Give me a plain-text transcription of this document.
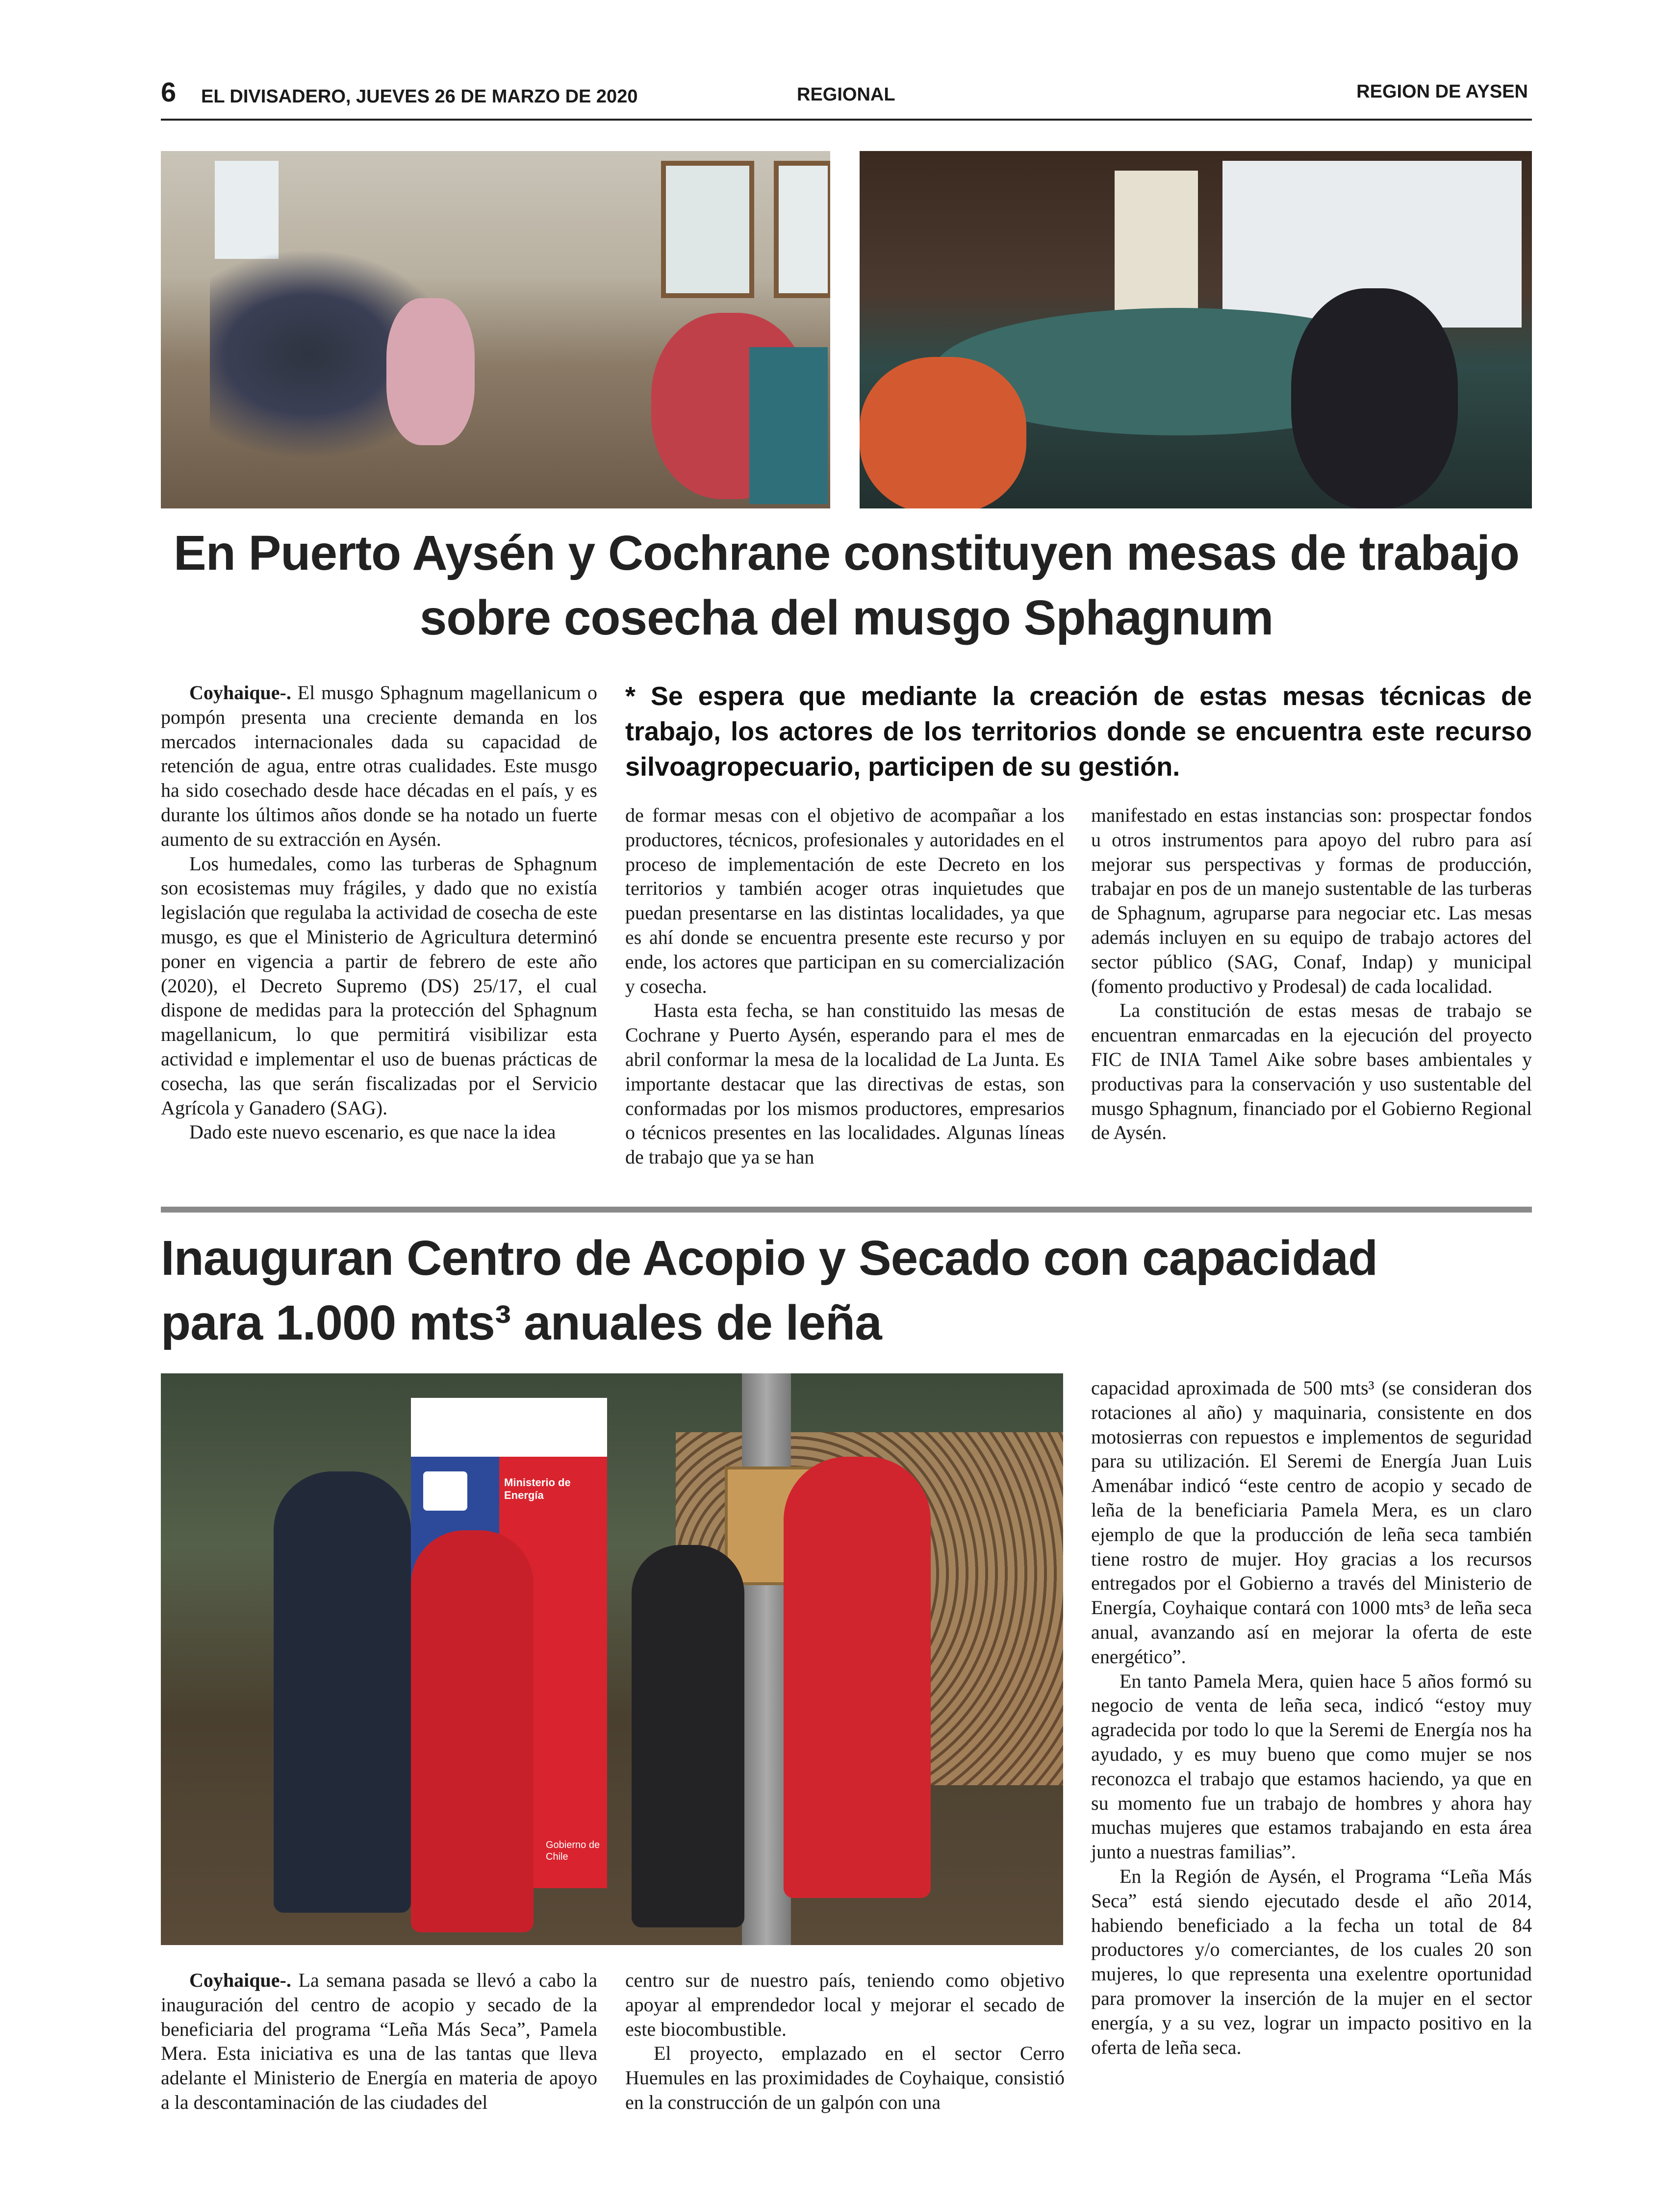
6 EL DIVISADERO, JUEVES 26 DE MARZO DE 2020	REGIONAL	REGION DE AYSEN
En Puerto Aysén y Cochrane constituyen mesas de trabajo sobre cosecha del musgo Sphagnum

Coyhaique-. El musgo Sphagnum magellanicum o pompón presenta una creciente demanda en los mercados internacionales dada su capacidad de retención de agua, entre otras cualidades. Este musgo ha sido cosechado desde hace décadas en el país, y es durante los últimos años donde se ha notado un fuerte aumento de su extracción en Aysén.

Los humedales, como las turberas de Sphagnum son ecosistemas muy frágiles, y dado que no existía legislación que regulaba la actividad de cosecha de este musgo, es que el Ministerio de Agricultura determinó poner en vigencia a partir de febrero de este año (2020), el Decreto Supremo (DS) 25/17, el cual dispone de medidas para la protección del Sphagnum magellanicum, lo que permitirá visibilizar esta actividad e implementar el uso de buenas prácticas de cosecha, las que serán fiscalizadas por el Servicio Agrícola y Ganadero (SAG).

Dado este nuevo escenario, es que nace la idea

* Se espera que mediante la creación de estas mesas técnicas de trabajo, los actores de los territorios donde se encuentra este recurso silvoagropecuario, participen de su gestión.

de formar mesas con el objetivo de acompañar a los productores, técnicos, profesionales y autoridades en el proceso de implementación de este Decreto en los territorios y también acoger otras inquietudes que puedan presentarse en las distintas localidades, ya que es ahí donde se encuentra presente este recurso y por ende, los actores que participan en su comercialización y cosecha.

Hasta esta fecha, se han constituido las mesas de Cochrane y Puerto Aysén, esperando para el mes de abril conformar la mesa de la localidad de La Junta. Es importante destacar que las directivas de estas, son conformadas por los mismos productores, empresarios o técnicos presentes en las localidades. Algunas líneas de trabajo que ya se han

manifestado en estas instancias son: prospectar fondos u otros instrumentos para apoyo del rubro para así mejorar sus perspectivas y formas de producción, trabajar en pos de un manejo sustentable de las turberas de Sphagnum, agruparse para negociar etc. Las mesas además incluyen en su equipo de trabajo actores del sector público (SAG, Conaf, Indap) y municipal (fomento productivo y Prodesal) de cada localidad.

La constitución de estas mesas de trabajo se encuentran enmarcadas en la ejecución del proyecto FIC de INIA Tamel Aike sobre bases ambientales y productivas para la conservación y uso sustentable del musgo Sphagnum, financiado por el Gobierno Regional de Aysén.

Inauguran Centro de Acopio y Secado con capacidad
para 1.000 mts³ anuales de leña
Ministerio de Energía
Gobierno de Chile

Coyhaique-. La semana pasada se llevó a cabo la inauguración del centro de acopio y secado de la beneficiaria del programa “Leña Más Seca”, Pamela Mera. Esta iniciativa es una de las tantas que lleva adelante el Ministerio de Energía en materia de apoyo a la descontaminación de las ciudades del

centro sur de nuestro país, teniendo como objetivo apoyar al emprendedor local y mejorar el secado de este biocombustible.

El proyecto, emplazado en el sector Cerro Huemules en las proximidades de Coyhaique, consistió en la construcción de un galpón con una

capacidad aproximada de 500 mts³ (se consideran dos rotaciones al año) y maquinaria, consistente en dos motosierras con repuestos e implementos de seguridad para su utilización. El Seremi de Energía Juan Luis Amenábar indicó “este centro de acopio y secado de leña de la beneficiaria Pamela Mera, es un claro ejemplo de que la producción de leña seca también tiene rostro de mujer. Hoy gracias a los recursos entregados por el Gobierno a través del Ministerio de Energía, Coyhaique contará con 1000 mts³ de leña seca anual, avanzando así en mejorar la oferta de este energético”.

En tanto Pamela Mera, quien hace 5 años formó su negocio de venta de leña seca, indicó “estoy muy agradecida por todo lo que la Seremi de Energía nos ha ayudado, y es muy bueno que como mujer se nos reconozca el trabajo que estamos haciendo, ya que en su momento fue un trabajo de hombres y ahora hay muchas mujeres que estamos trabajando en esta área junto a nuestras familias”.

En la Región de Aysén, el Programa “Leña Más Seca” está siendo ejecutado desde el año 2014, habiendo beneficiado a la fecha un total de 84 productores y/o comerciantes, de los cuales 20 son mujeres, lo que representa una exelentre oportunidad para promover la inserción de la mujer en el sector energía, y a su vez, lograr un impacto positivo en la oferta de leña seca.
